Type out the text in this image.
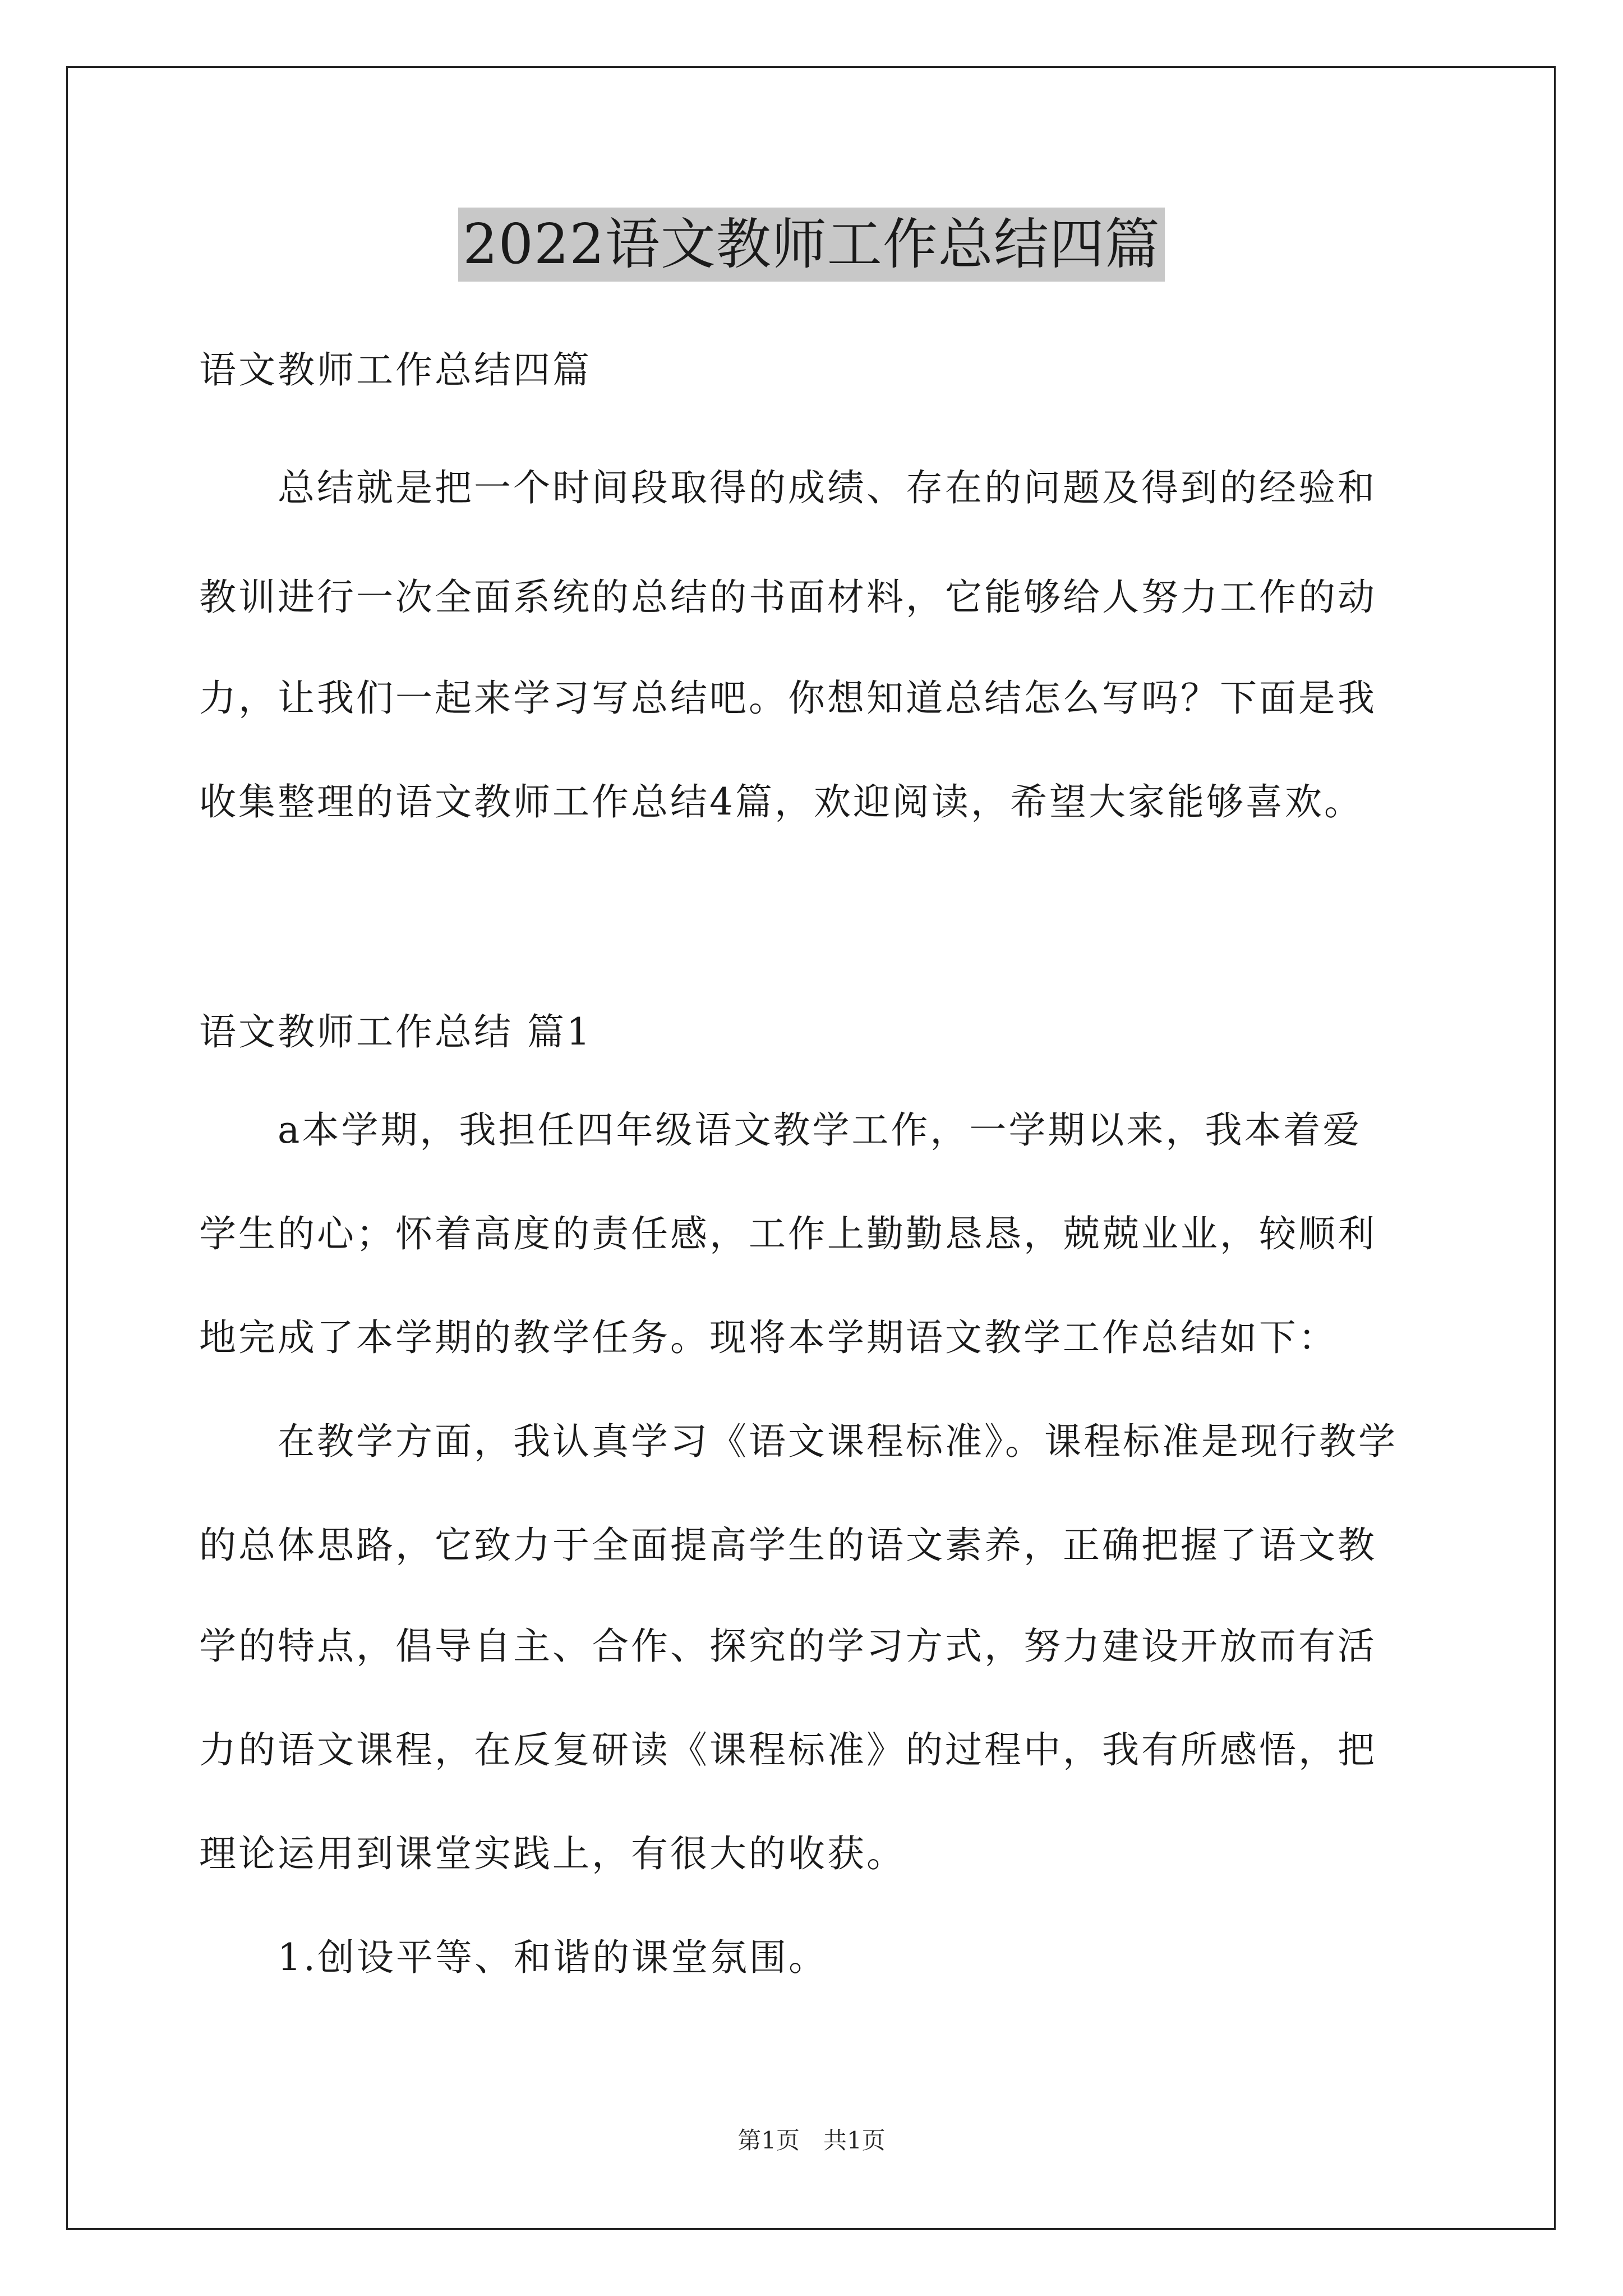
2022语文教师工作总结四篇

语文教师工作总结四篇

　　总结就是把一个时间段取得的成绩、存在的问题及得到的经验和

教训进行一次全面系统的总结的书面材料，它能够给人努力工作的动

力，让我们一起来学习写总结吧。你想知道总结怎么写吗？下面是我

收集整理的语文教师工作总结4篇，欢迎阅读，希望大家能够喜欢。

语文教师工作总结 篇1

　　a本学期，我担任四年级语文教学工作，一学期以来，我本着爱

学生的心；怀着高度的责任感，工作上勤勤恳恳，兢兢业业，较顺利

地完成了本学期的教学任务。现将本学期语文教学工作总结如下：

　　在教学方面，我认真学习《语文课程标准》。课程标准是现行教学

的总体思路，它致力于全面提高学生的语文素养，正确把握了语文教

学的特点，倡导自主、合作、探究的学习方式，努力建设开放而有活

力的语文课程，在反复研读《课程标准》的过程中，我有所感悟，把

理论运用到课堂实践上，有很大的收获。

　　1.创设平等、和谐的课堂氛围。

第1页　共1页
